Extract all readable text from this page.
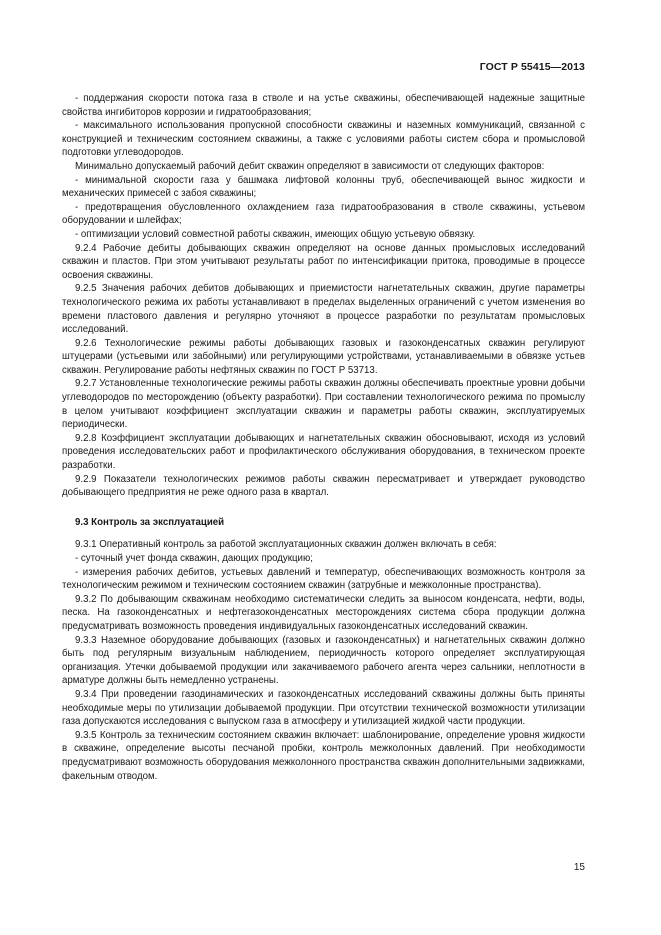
ГОСТ Р 55415—2013

- поддержания скорости потока газа в стволе и на устье скважины, обеспечивающей надежные защитные свойства ингибиторов коррозии и гидратообразования;

- максимального использования пропускной способности скважины и наземных коммуникаций, связанной с конструкцией и техническим состоянием скважины, а также с условиями работы систем сбора и промысловой подготовки углеводородов.

Минимально допускаемый рабочий дебит скважин определяют в зависимости от следующих факторов:

- минимальной скорости газа у башмака лифтовой колонны труб, обеспечивающей вынос жидкости и механических примесей с забоя скважины;

- предотвращения обусловленного охлаждением газа гидратообразования в стволе скважины, устьевом оборудовании и шлейфах;

- оптимизации условий совместной работы скважин, имеющих общую устьевую обвязку.

9.2.4 Рабочие дебиты добывающих скважин определяют на основе данных промысловых исследований скважин и пластов. При этом учитывают результаты работ по интенсификации притока, проводимые в процессе освоения скважины.

9.2.5 Значения рабочих дебитов добывающих и приемистости нагнетательных скважин, другие параметры технологического режима их работы устанавливают в пределах выделенных ограничений с учетом изменения во времени пластового давления и регулярно уточняют в процессе разработки по результатам промысловых исследований.

9.2.6 Технологические режимы работы добывающих газовых и газоконденсатных скважин регулируют штуцерами (устьевыми или забойными) или регулирующими устройствами, устанавливаемыми в обвязке устьев скважин. Регулирование работы нефтяных скважин по ГОСТ Р 53713.

9.2.7 Установленные технологические режимы работы скважин должны обеспечивать проектные уровни добычи углеводородов по месторождению (объекту разработки). При составлении технологического режима по промыслу в целом учитывают коэффициент эксплуатации скважин и параметры работы скважин, эксплуатируемых периодически.

9.2.8 Коэффициент эксплуатации добывающих и нагнетательных скважин обосновывают, исходя из условий проведения исследовательских работ и профилактического обслуживания оборудования, в техническом проекте разработки.

9.2.9 Показатели технологических режимов работы скважин пересматривает и утверждает руководство добывающего предприятия не реже одного раза в квартал.

9.3 Контроль за эксплуатацией

9.3.1 Оперативный контроль за работой эксплуатационных скважин должен включать в себя:

- суточный учет фонда скважин, дающих продукцию;

- измерения рабочих дебитов, устьевых давлений и температур, обеспечивающих возможность контроля за технологическим режимом и техническим состоянием скважин (затрубные и межколонные пространства).

9.3.2 По добывающим скважинам необходимо систематически следить за выносом конденсата, нефти, воды, песка. На газоконденсатных и нефтегазоконденсатных месторождениях система сбора продукции должна предусматривать возможность проведения индивидуальных газоконденсатных исследований скважин.

9.3.3 Наземное оборудование добывающих (газовых и газоконденсатных) и нагнетательных скважин должно быть под регулярным визуальным наблюдением, периодичность которого определяет эксплуатирующая организация. Утечки добываемой продукции или закачиваемого рабочего агента через сальники, неплотности в арматуре должны быть немедленно устранены.

9.3.4 При проведении газодинамических и газоконденсатных исследований скважины должны быть приняты необходимые меры по утилизации добываемой продукции. При отсутствии технической возможности утилизации газа допускаются исследования с выпуском газа в атмосферу и утилизацией жидкой части продукции.

9.3.5 Контроль за техническим состоянием скважин включает: шаблонирование, определение уровня жидкости в скважине, определение высоты песчаной пробки, контроль межколонных давлений. При необходимости предусматривают возможность оборудования межколонного пространства скважин дополнительными задвижками, факельным отводом.

15
